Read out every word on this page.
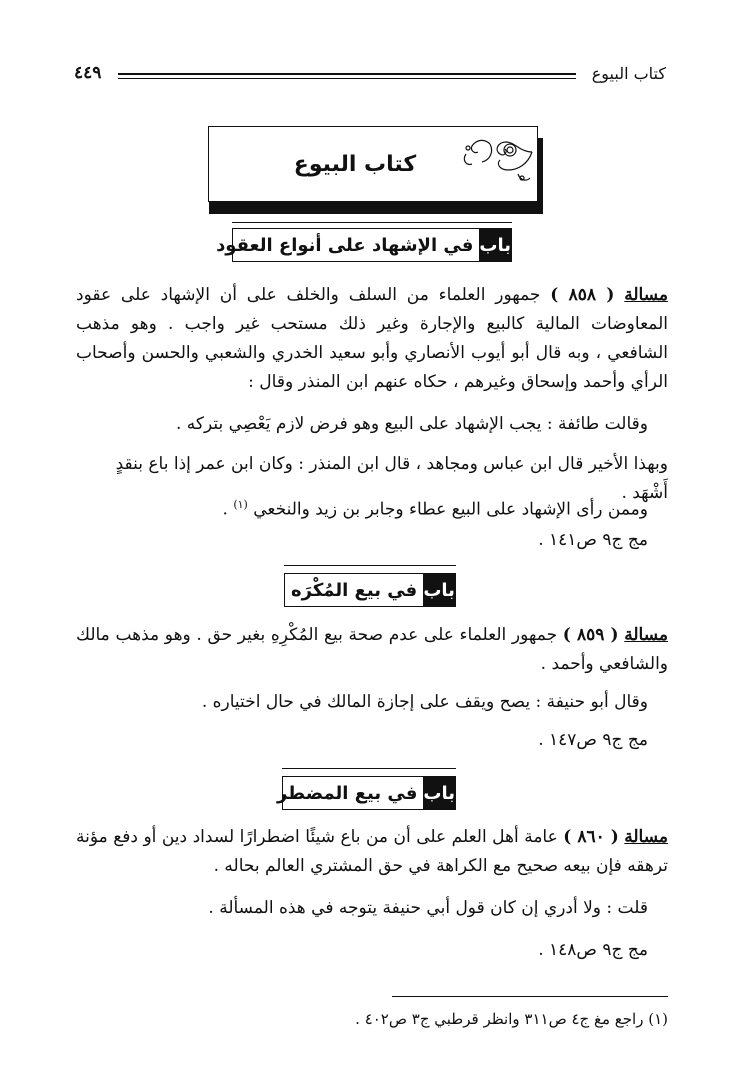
كتاب البيوع
٤٤٩
كتاب البيوع
باب
في الإشهاد على أنواع العقود
مسالة ( ٨٥٨ ) جمهور العلماء من السلف والخلف على أن الإشهاد على عقود المعاوضات المالية كالبيع والإجارة وغير ذلك مستحب غير واجب . وهو مذهب الشافعي ، وبه قال أبو أيوب الأنصاري وأبو سعيد الخدري والشعبي والحسن وأصحاب الرأي وأحمد وإسحاق وغيرهم ، حكاه عنهم ابن المنذر وقال :
وقالت طائفة : يجب الإشهاد على البيع وهو فرض لازم يَعْصِي بتركه .
وبهذا الأخير قال ابن عباس ومجاهد ، قال ابن المنذر : وكان ابن عمر إذا باع بنقدٍ أَشْهَد .
وممن رأى الإشهاد على البيع عطاء وجابر بن زيد والنخعي $^{(١)}$ .
مج ج٩ ص١٤١ .
باب
في بيع المُكْرَه
مسالة ( ٨٥٩ ) جمهور العلماء على عدم صحة بيع المُكْرِهِ بغير حق . وهو مذهب مالك والشافعي وأحمد .
وقال أبو حنيفة : يصح ويقف على إجازة المالك في حال اختياره .
مج ج٩ ص١٤٧ .
باب
في بيع المضطر
مسالة ( ٨٦٠ ) عامة أهل العلم على أن من باع شيئًا اضطرارًا لسداد دين أو دفع مؤنة ترهقه فإن بيعه صحيح مع الكراهة في حق المشتري العالم بحاله .
قلت : ولا أدري إن كان قول أبي حنيفة يتوجه في هذه المسألة .
مج ج٩ ص١٤٨ .
(١) راجع مغ ج٤ ص٣١١ وانظر قرطبي ج٣ ص٤٠٢ .
